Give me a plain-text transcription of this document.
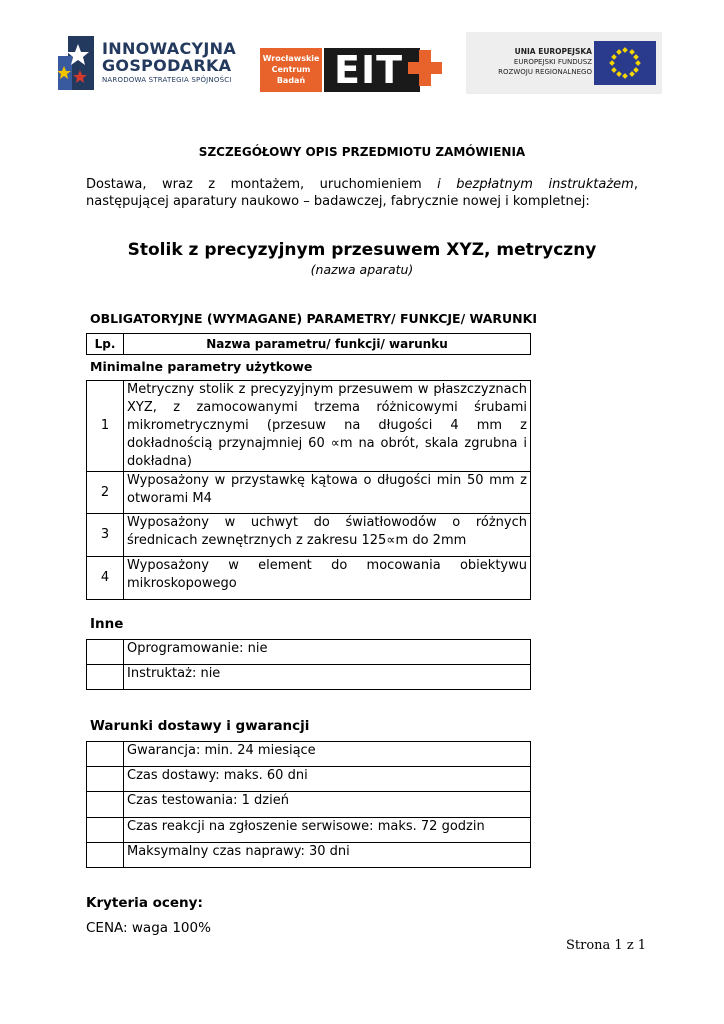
INNOWACYJNA
GOSPODARKA
NARODOWA STRATEGIA SPÓJNOŚCI
Wrocławskie
Centrum
Badań EIT	UNIA EUROPEJSKA
EUROPEJSKI FUNDUSZ
ROZWOJU REGIONALNEGO
SZCZEGÓŁOWY OPIS PRZEDMIOTU ZAMÓWIENIA
Dostawa, wraz z montażem, uruchomieniem i bezpłatnym instruktażem, następującej aparatury naukowo – badawczej, fabrycznie nowej i kompletnej:
Stolik z precyzyjnym przesuwem XYZ, metryczny
(nazwa aparatu)
OBLIGATORYJNE (WYMAGANE) PARAMETRY/ FUNKCJE/ WARUNKI
Lp.	Nazwa parametru/ funkcji/ warunku
Minimalne parametry użytkowe
1	Metryczny stolik z precyzyjnym przesuwem w płaszczyznach XYZ, z zamocowanymi trzema różnicowymi śrubami mikrometrycznymi (przesuw na długości 4 mm z dokładnością przynajmniej 60 ∝m na obrót, skala zgrubna i dokładna)
2	Wyposażony w przystawkę kątowa o długości min 50 mm z otworami M4
3	Wyposażony w uchwyt do światłowodów o różnych średnicach zewnętrznych z zakresu 125∝m do 2mm
4	Wyposażony w element do mocowania obiektywu mikroskopowego
Inne
	Oprogramowanie: nie
	Instruktaż: nie
Warunki dostawy i gwarancji
	Gwarancja: min. 24 miesiące
	Czas dostawy: maks. 60 dni
	Czas testowania: 1 dzień
	Czas reakcji na zgłoszenie serwisowe: maks. 72 godzin
	Maksymalny czas naprawy: 30 dni
Kryteria oceny:
CENA: waga 100%
Strona 1 z 1
